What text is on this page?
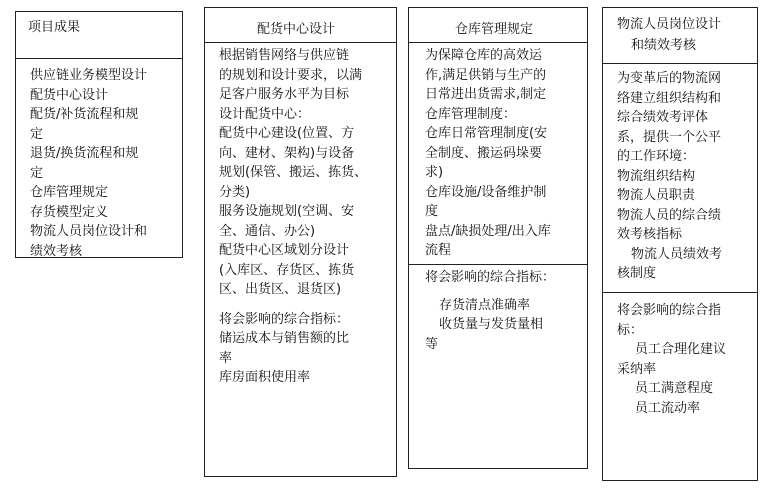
项目成果
供应链业务模型设计
配货中心设计
配货/补货流程和规
定
退货/换货流程和规
定
仓库管理规定
存货模型定义
物流人员岗位设计和
绩效考核
配货中心设计
根据销售网络与供应链
的规划和设计要求，以满
足客户服务水平为目标
设计配货中心：
配货中心建设(位置、方
向、建材、架构)与设备
规划(保管、搬运、拣货、
分类)
服务设施规划(空调、安
全、通信、办公)
配货中心区域划分设计
(入库区、存货区、拣货
区、出货区、退货区)
将会影响的综合指标：
储运成本与销售额的比
率
库房面积使用率
仓库管理规定
为保障仓库的高效运
作,满足供销与生产的
日常进出货需求,制定
仓库管理制度：
仓库日常管理制度(安
全制度、搬运码垛要
求)
仓库设施/设备维护制
度
盘点/缺损处理/出入库
流程
将会影响的综合指标：
存货清点准确率
收货量与发货量相
等
物流人员岗位设计
和绩效考核
为变革后的物流网
络建立组织结构和
综合绩效考评体
系，提供一个公平
的工作环境：
物流组织结构
物流人员职责
物流人员的综合绩
效考核指标
物流人员绩效考
核制度
将会影响的综合指
标：
员工合理化建议
采纳率
员工满意程度
员工流动率
